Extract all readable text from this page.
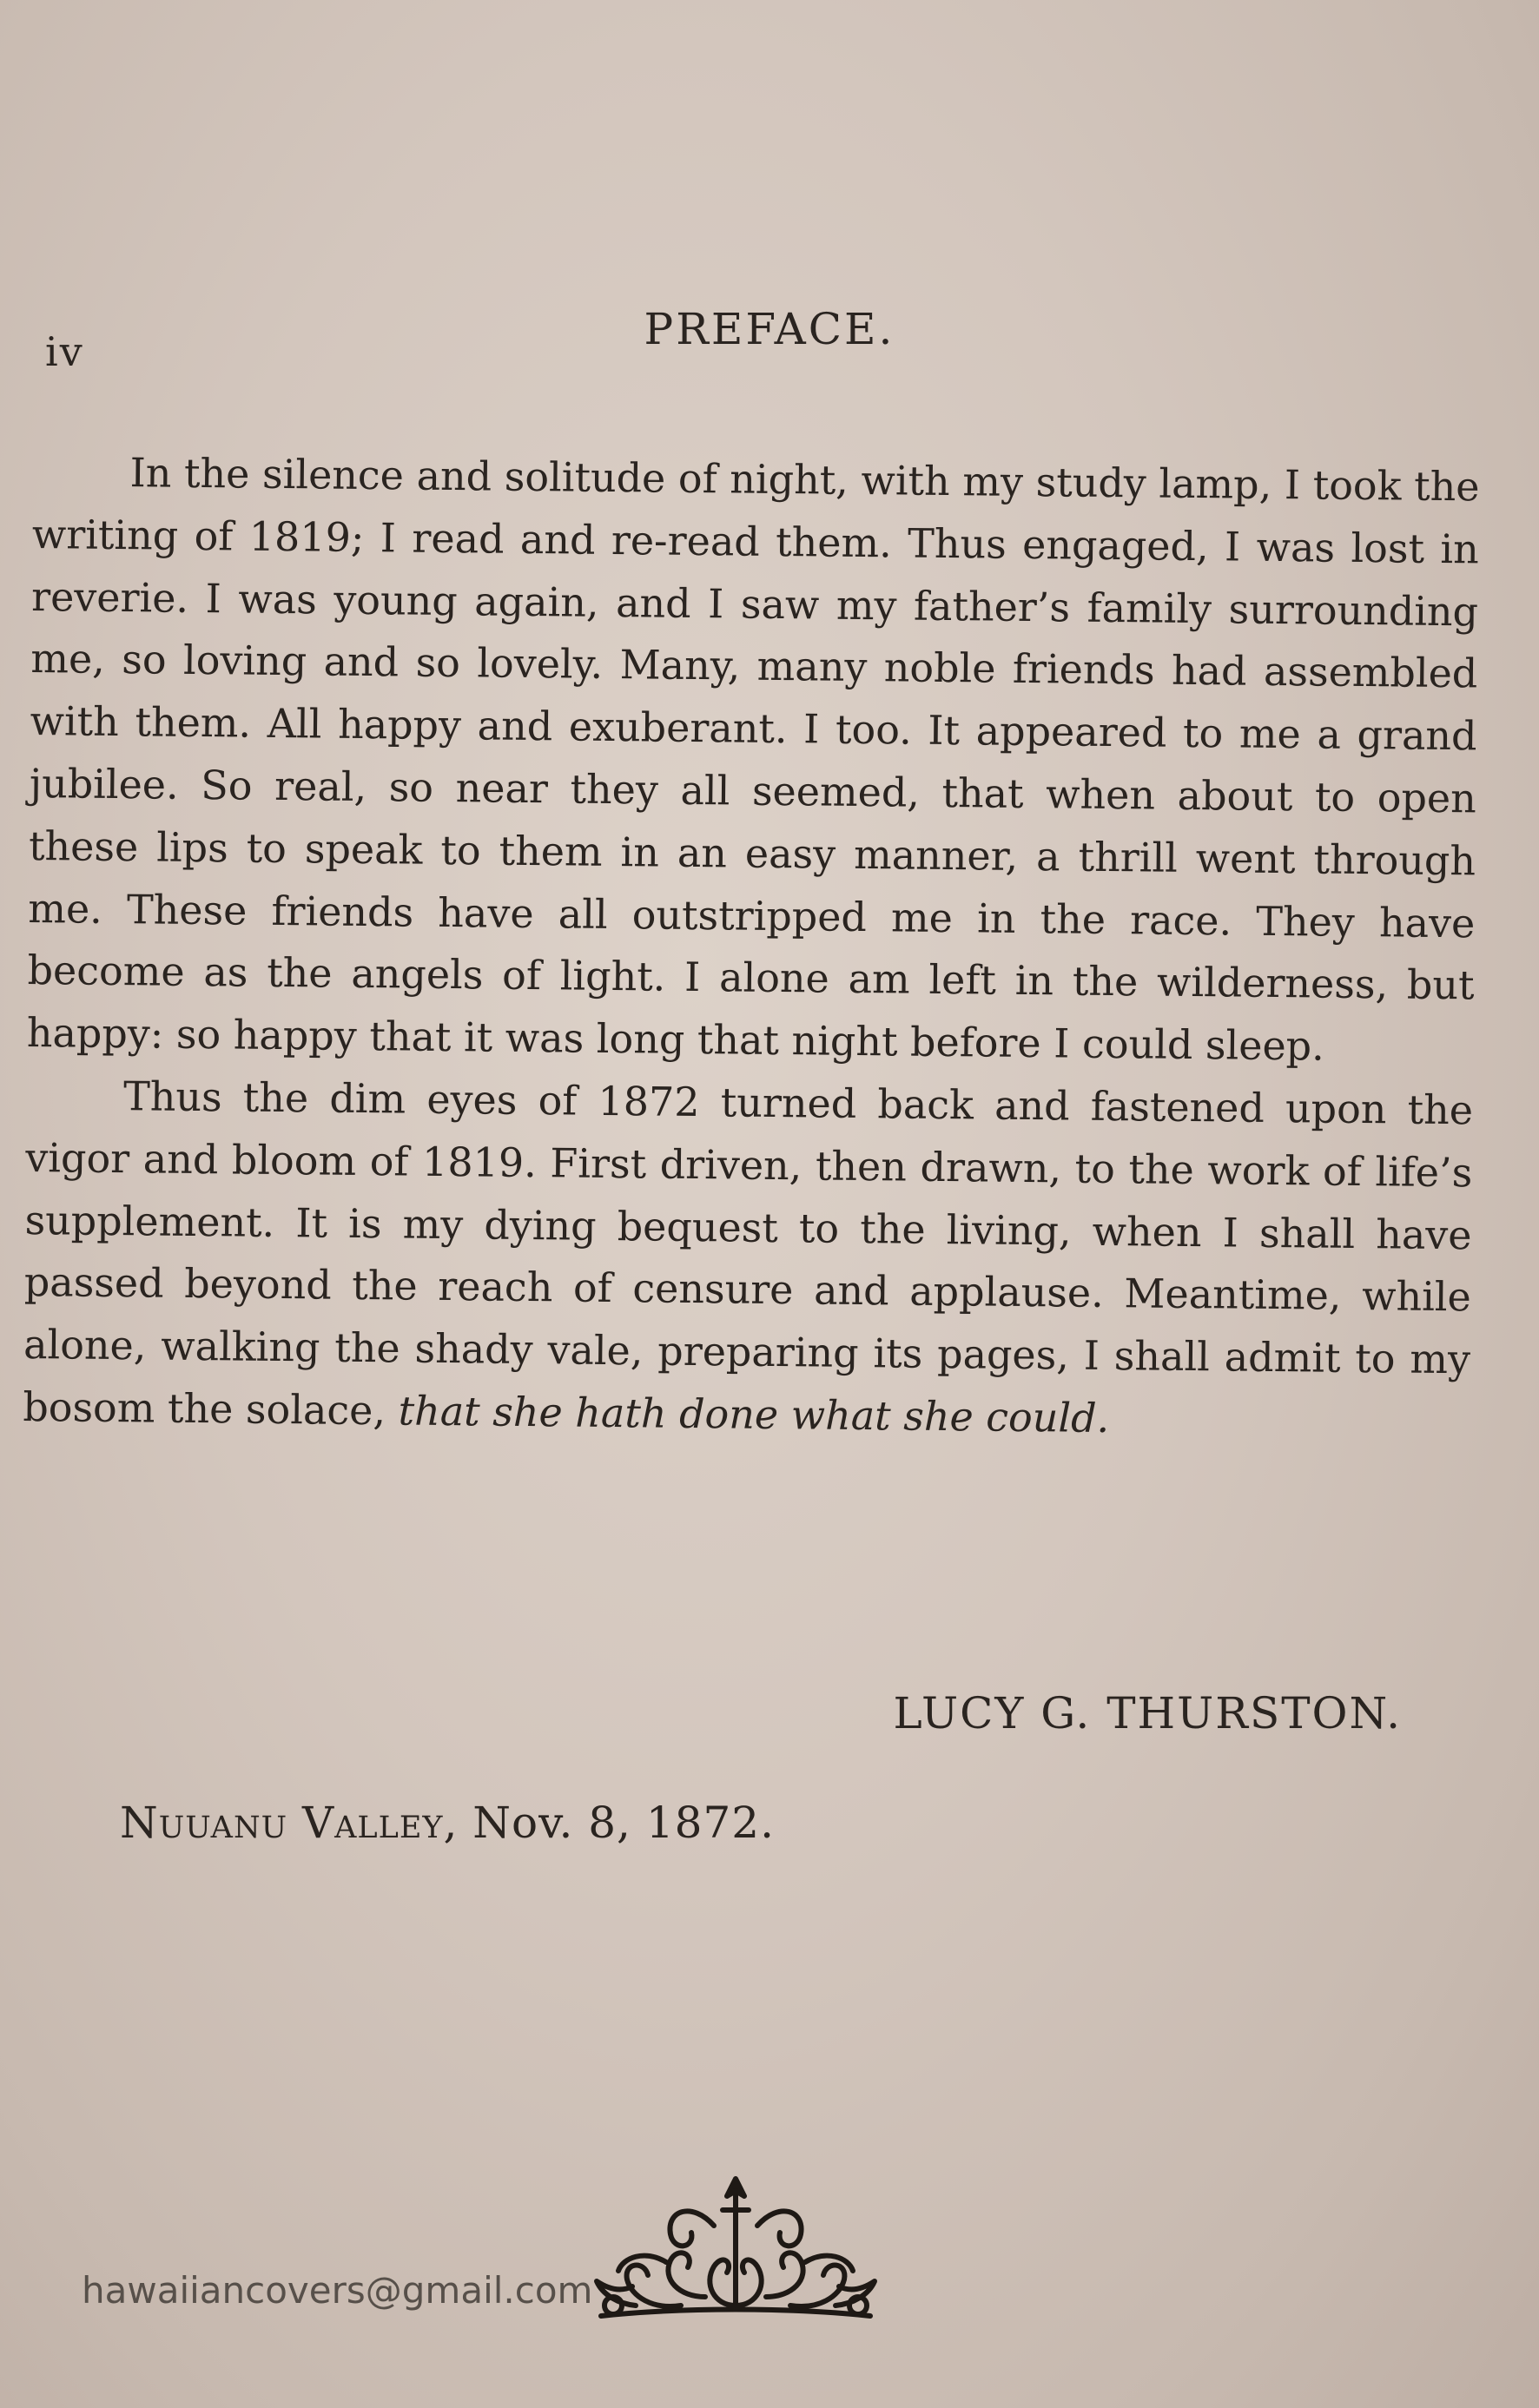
iv	PREFACE.

In the silence and solitude of night, with my study lamp, I took the writing of 1819; I read and re-read them. Thus engaged, I was lost in reverie. I was young again, and I saw my father’s family surrounding me, so loving and so lovely. Many, many noble friends had assembled with them. All happy and exuberant. I too. It appeared to me a grand jubilee. So real, so near they all seemed, that when about to open these lips to speak to them in an easy manner, a thrill went through me. These friends have all outstripped me in the race. They have become as the angels of light. I alone am left in the wilderness, but happy: so happy that it was long that night before I could sleep.

Thus the dim eyes of 1872 turned back and fastened upon the vigor and bloom of 1819. First driven, then drawn, to the work of life’s supplement. It is my dying bequest to the living, when I shall have passed beyond the reach of censure and applause. Meantime, while alone, walking the shady vale, preparing its pages, I shall admit to my bosom the solace, that she hath done what she could.

LUCY G. THURSTON.
Nuuanu Valley, Nov. 8, 1872.
hawaiiancovers@gmail.com
